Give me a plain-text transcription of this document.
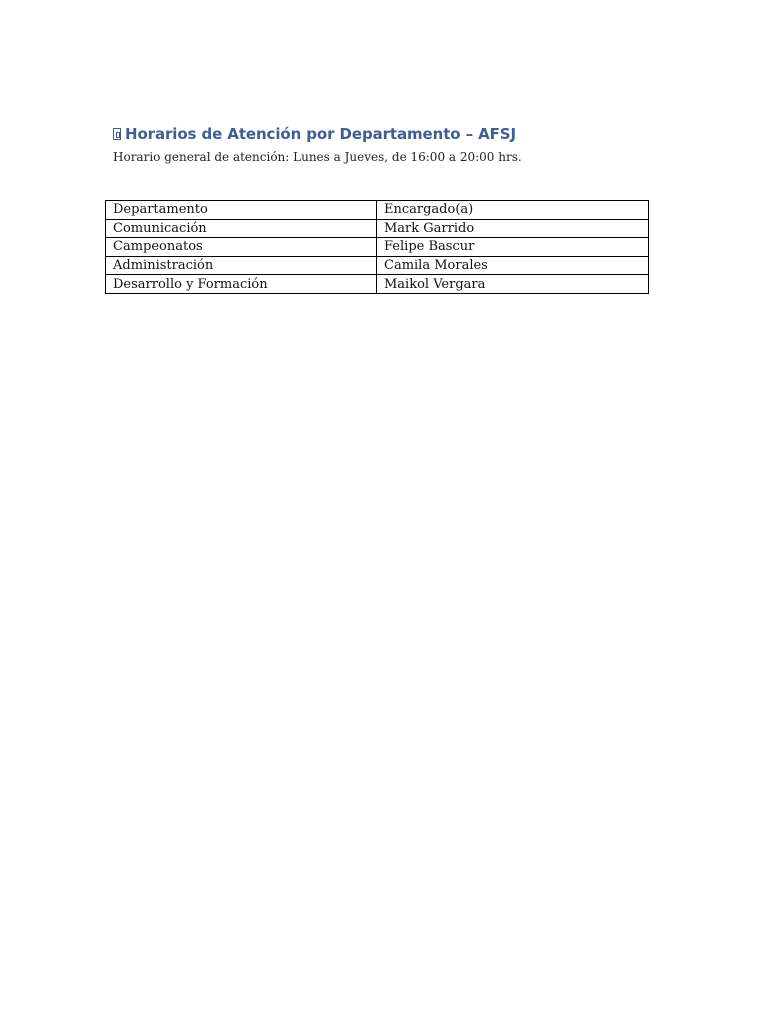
Horarios de Atención por Departamento – AFSJ
Horario general de atención: Lunes a Jueves, de 16:00 a 20:00 hrs.
Departamento	Encargado(a)
Comunicación	Mark Garrido
Campeonatos	Felipe Bascur
Administración	Camila Morales
Desarrollo y Formación	Maikol Vergara
